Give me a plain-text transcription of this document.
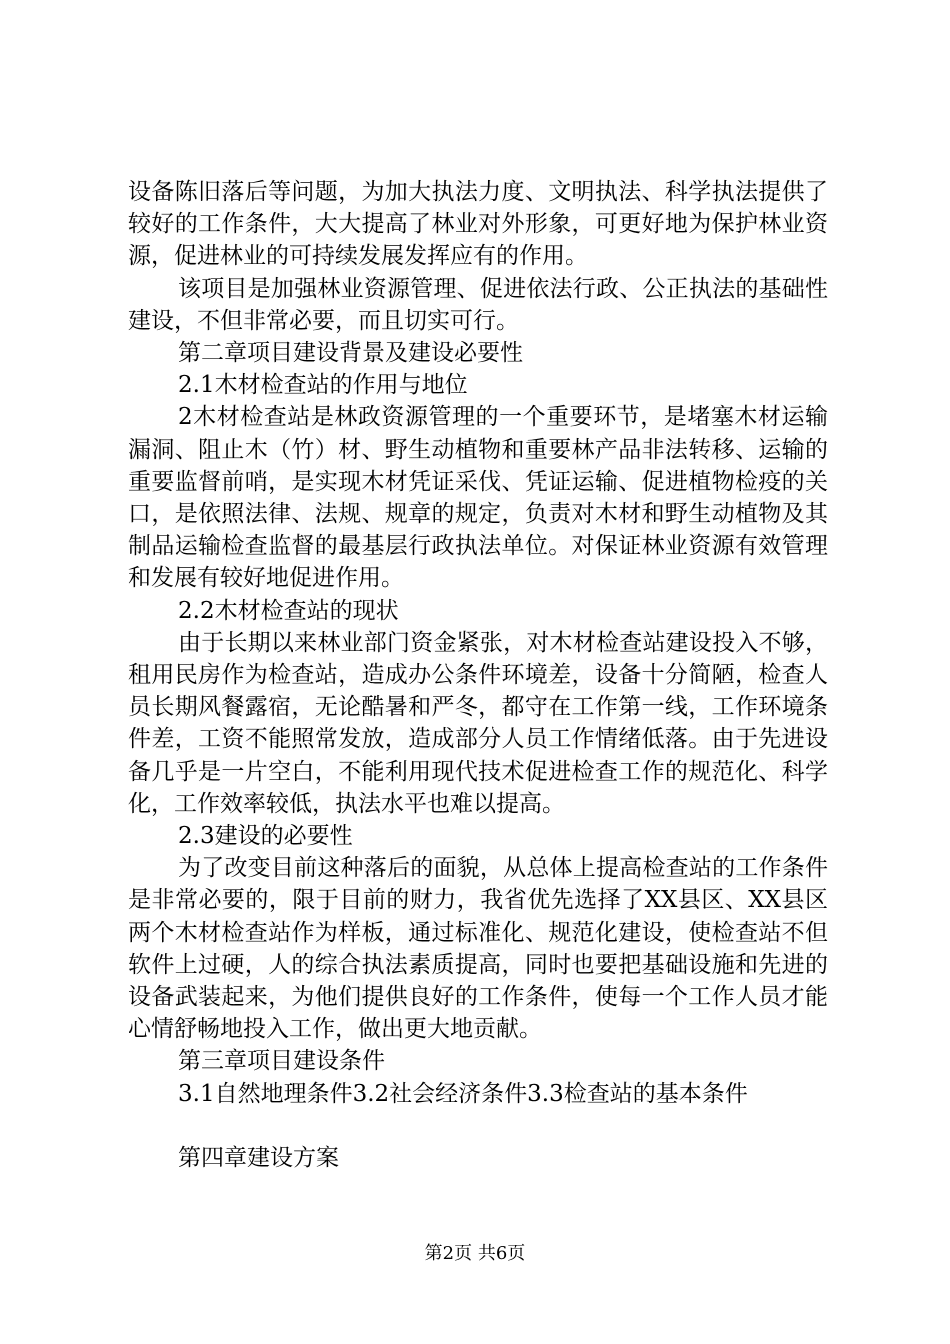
设备陈旧落后等问题，为加大执法力度、文明执法、科学执法提供了较好的工作条件，大大提高了林业对外形象，可更好地为保护林业资源，促进林业的可持续发展发挥应有的作用。

该项目是加强林业资源管理、促进依法行政、公正执法的基础性建设，不但非常必要，而且切实可行。

第二章项目建设背景及建设必要性

2.1木材检查站的作用与地位

2木材检查站是林政资源管理的一个重要环节，是堵塞木材运输漏洞、阻止木（竹）材、野生动植物和重要林产品非法转移、运输的重要监督前哨，是实现木材凭证采伐、凭证运输、促进植物检疫的关口，是依照法律、法规、规章的规定，负责对木材和野生动植物及其制品运输检查监督的最基层行政执法单位。对保证林业资源有效管理和发展有较好地促进作用。

2.2木材检查站的现状

由于长期以来林业部门资金紧张，对木材检查站建设投入不够，租用民房作为检查站，造成办公条件环境差，设备十分简陋，检查人员长期风餐露宿，无论酷暑和严冬，都守在工作第一线，工作环境条件差，工资不能照常发放，造成部分人员工作情绪低落。由于先进设备几乎是一片空白，不能利用现代技术促进检查工作的规范化、科学化，工作效率较低，执法水平也难以提高。

2.3建设的必要性

为了改变目前这种落后的面貌，从总体上提高检查站的工作条件是非常必要的，限于目前的财力，我省优先选择了XX县区、XX县区两个木材检查站作为样板，通过标准化、规范化建设，使检查站不但软件上过硬，人的综合执法素质提高，同时也要把基础设施和先进的设备武装起来，为他们提供良好的工作条件，使每一个工作人员才能心情舒畅地投入工作，做出更大地贡献。

第三章项目建设条件

3.1自然地理条件3.2社会经济条件3.3检查站的基本条件

第四章建设方案

第2页 共6页
